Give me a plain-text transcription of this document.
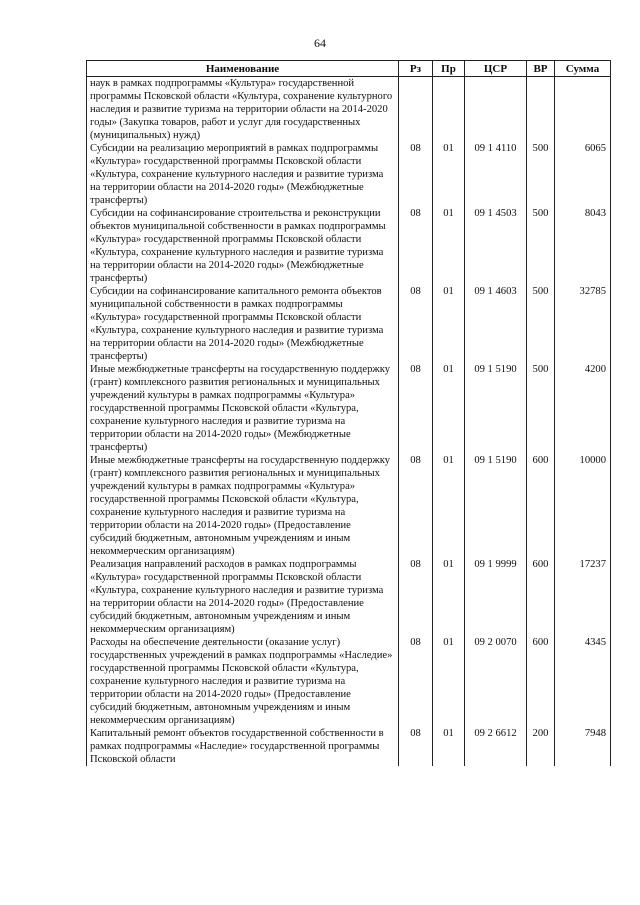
64
Наименование	Рз	Пр	ЦСР	ВР	Сумма
наук в рамках подпрограммы «Культура» государственной программы Псковской области «Культура, сохранение культурного наследия и развитие туризма на территории области на 2014-2020 годы» (Закупка товаров, работ и услуг для государственных (муниципальных) нужд)					
Субсидии на реализацию мероприятий в рамках подпрограммы «Культура» государственной программы Псковской области «Культура, сохранение культурного наследия и развитие туризма на территории области на 2014-2020 годы» (Межбюджетные трансферты)	08	01	09 1 4110	500	6065
Субсидии на софинансирование строительства и реконструкции объектов муниципальной собственности в рамках подпрограммы «Культура» государственной программы Псковской области «Культура, сохранение культурного наследия и развитие туризма на территории области на 2014-2020 годы» (Межбюджетные трансферты)	08	01	09 1 4503	500	8043
Субсидии на софинансирование капитального ремонта объектов муниципальной собственности в рамках подпрограммы «Культура» государственной программы Псковской области «Культура, сохранение культурного наследия и развитие туризма на территории области на 2014-2020 годы» (Межбюджетные трансферты)	08	01	09 1 4603	500	32785
Иные межбюджетные трансферты на государственную поддержку (грант) комплексного развития региональных и муниципальных учреждений культуры в рамках подпрограммы «Культура» государственной программы Псковской области «Культура, сохранение культурного наследия и развитие туризма на территории области на 2014-2020 годы» (Межбюджетные трансферты)	08	01	09 1 5190	500	4200
Иные межбюджетные трансферты на государственную поддержку (грант) комплексного развития региональных и муниципальных учреждений культуры в рамках подпрограммы «Культура» государственной программы Псковской области «Культура, сохранение культурного наследия и развитие туризма на территории области на 2014-2020 годы» (Предоставление субсидий бюджетным, автономным учреждениям и иным некоммерческим организациям)	08	01	09 1 5190	600	10000
Реализация направлений расходов в рамках подпрограммы «Культура» государственной программы Псковской области «Культура, сохранение культурного наследия и развитие туризма на территории области на 2014-2020 годы» (Предоставление субсидий бюджетным, автономным учреждениям и иным некоммерческим организациям)	08	01	09 1 9999	600	17237
Расходы на обеспечение деятельности (оказание услуг) государственных учреждений в рамках подпрограммы «Наследие» государственной программы Псковской области «Культура, сохранение культурного наследия и развитие туризма на территории области на 2014-2020 годы» (Предоставление субсидий бюджетным, автономным учреждениям и иным некоммерческим организациям)	08	01	09 2 0070	600	4345
Капитальный ремонт объектов государственной собственности в рамках подпрограммы «Наследие» государственной программы Псковской области	08	01	09 2 6612	200	7948
